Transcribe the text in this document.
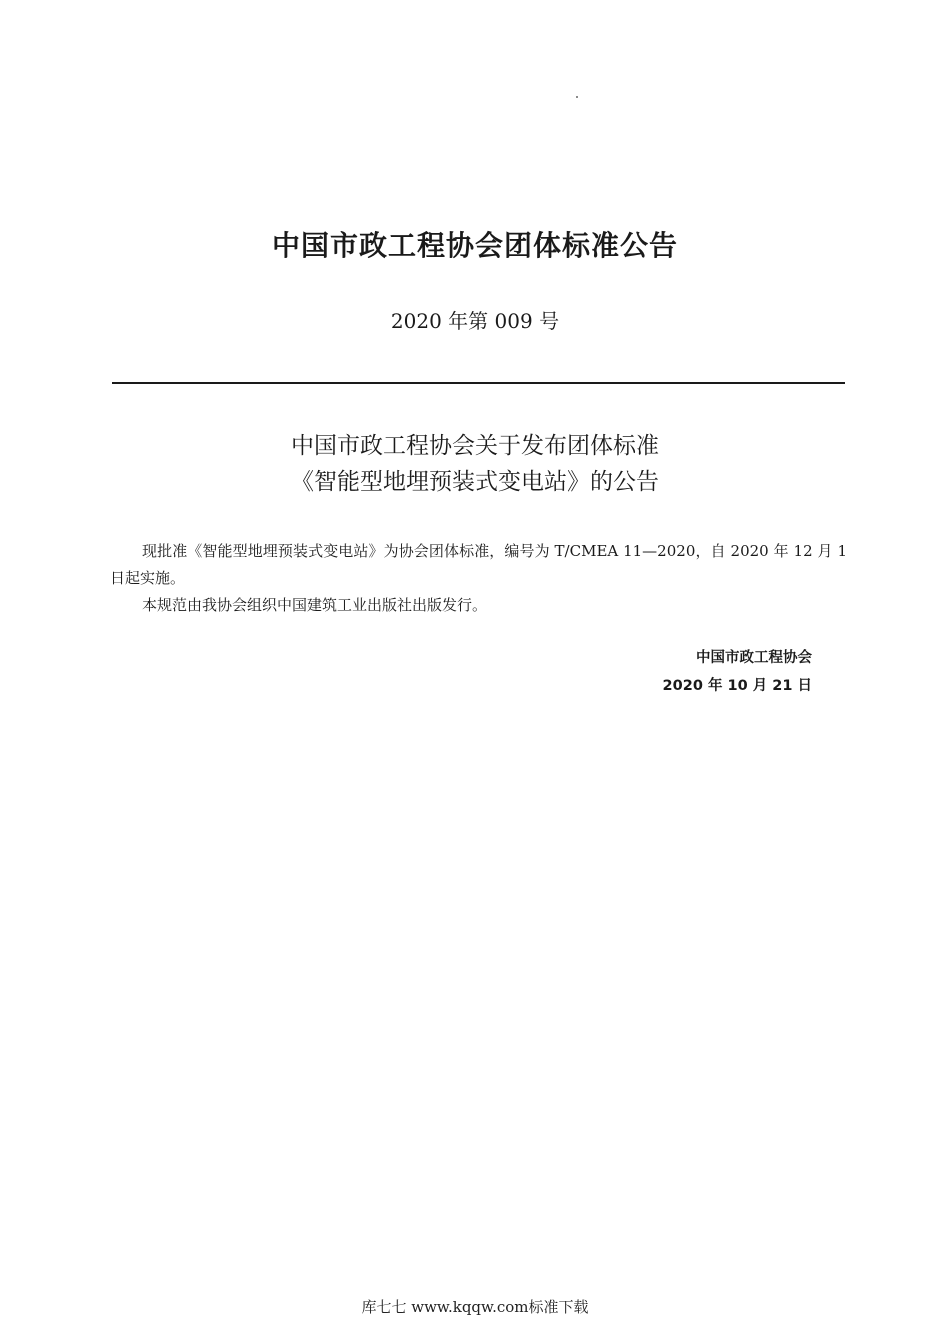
中国市政工程协会团体标准公告
2020 年第 009 号
中国市政工程协会关于发布团体标准
《智能型地埋预装式变电站》的公告

现批准《智能型地埋预装式变电站》为协会团体标准，编号为 T/CMEA 11—2020，自 2020 年 12 月 1 日起实施。

本规范由我协会组织中国建筑工业出版社出版发行。

中国市政工程协会
2020 年 10 月 21 日
库七七 www.kqqw.com标准下载
